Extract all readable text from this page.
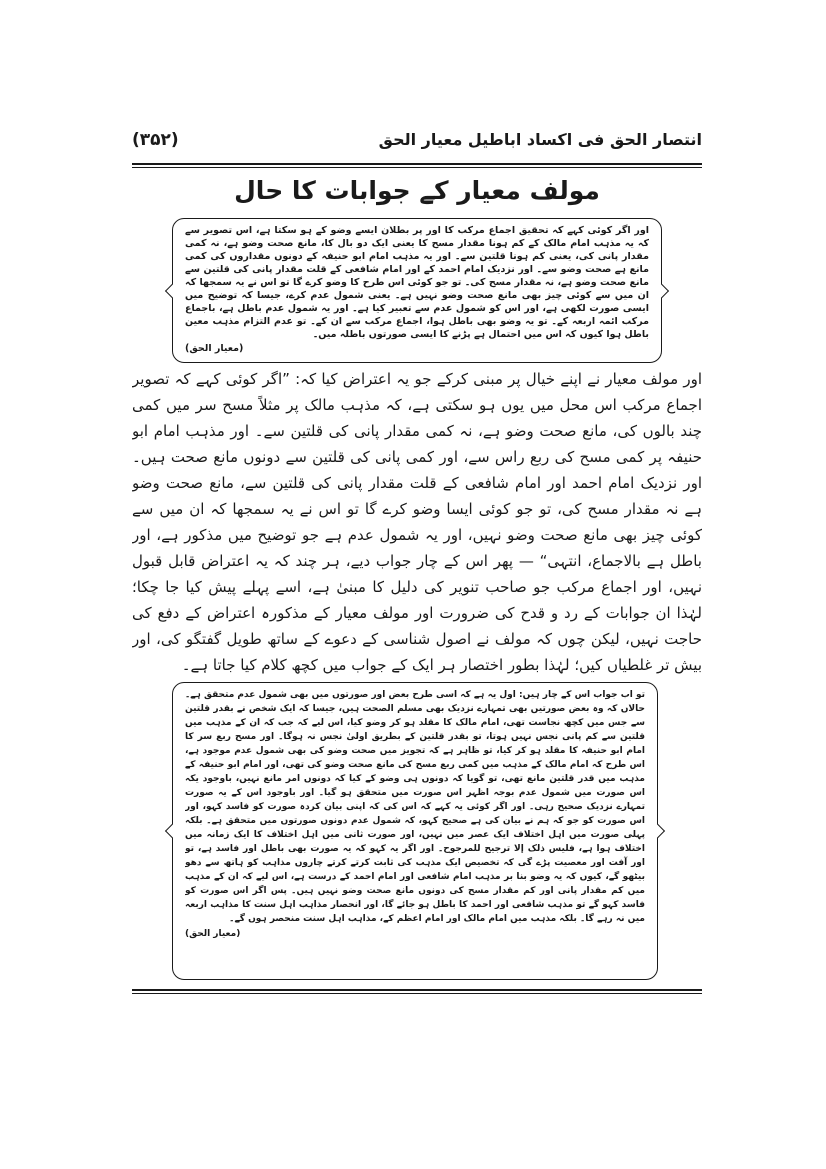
انتصار الحق فی اکساد اباطیل معیار الحق
(۳۵۲)
مولف معیار کے جوابات کا حال
اور اگر کوئی کہے کہ تحقیق اجماع مرکب کا اور پر بطلان ایسے وضو کے ہو سکتا ہے، اس تصویر سے کہ یہ مذہب امام مالک کے کم ہونا مقدار مسح کا یعنی ایک دو بال کا، مانع صحت وضو ہے، نہ کمی مقدار پانی کی، یعنی کم ہونا قلتین سے۔ اور یہ مذہب امام ابو حنیفہ کے دونوں مقداروں کی کمی مانع ہے صحت وضو سے۔ اور نزدیک امام احمد کے اور امام شافعی کے قلت مقدار پانی کی قلتین سے مانع صحت وضو ہے، نہ مقدار مسح کی۔ تو جو کوئی اس طرح کا وضو کرے گا تو اس نے یہ سمجھا کہ ان میں سے کوئی چیز بھی مانع صحت وضو نہیں ہے۔ یعنی شمول عدم کرے، جیسا کہ توضیح میں ایسی صورت لکھی ہے، اور اس کو شمول عدم سے تعبیر کیا ہے۔ اور یہ شمول عدم باطل ہے، باجماع مرکب ائمہ اربعہ کے۔ تو یہ وضو بھی باطل ہوا، اجماع مرکب سے ان کے۔ تو عدم التزام مذہب معین باطل ہوا کیوں کہ اس میں احتمال ہے پڑنے کا ایسی صورتوں باطلہ میں۔
(معیار الحق)
اور مولف معیار نے اپنے خیال پر مبنی کرکے جو یہ اعتراض کیا کہ: ”اگر کوئی کہے کہ تصویر اجماع مرکب اس محل میں یوں ہو سکتی ہے، کہ مذہب مالک پر مثلاً مسح سر میں کمی چند بالوں کی، مانع صحت وضو ہے، نہ کمی مقدار پانی کی قلتین سے۔ اور مذہب امام ابو حنیفہ پر کمی مسح کی ربع راس سے، اور کمی پانی کی قلتین سے دونوں مانع صحت ہیں۔ اور نزدیک امام احمد اور امام شافعی کے قلت مقدار پانی کی قلتین سے، مانع صحت وضو ہے نہ مقدار مسح کی، تو جو کوئی ایسا وضو کرے گا تو اس نے یہ سمجھا کہ ان میں سے کوئی چیز بھی مانع صحت وضو نہیں، اور یہ شمول عدم ہے جو توضیح میں مذکور ہے، اور باطل ہے بالاجماع، انتہی“ — پھر اس کے چار جواب دیے، ہر چند کہ یہ اعتراض قابل قبول نہیں، اور اجماع مرکب جو صاحب تنویر کی دلیل کا مبنیٰ ہے، اسے پہلے پیش کیا جا چکا؛ لہٰذا ان جوابات کے رد و قدح کی ضرورت اور مولف معیار کے مذکورہ اعتراض کے دفع کی حاجت نہیں، لیکن چوں کہ مولف نے اصول شناسی کے دعوے کے ساتھ طویل گفتگو کی، اور بیش تر غلطیاں کیں؛ لہٰذا بطور اختصار ہر ایک کے جواب میں کچھ کلام کیا جاتا ہے۔
تو اب جواب اس کے چار ہیں: اول یہ ہے کہ اسی طرح بعض اور صورتوں میں بھی شمول عدم متحقق ہے۔ حالاں کہ وہ بعض صورتیں بھی تمہارے نزدیک بھی مسلم الصحت ہیں، جیسا کہ ایک شخص نے بقدر قلتین سے جس میں کچھ نجاست تھی، امام مالک کا مقلد ہو کر وضو کیا، اس لیے کہ جب کہ ان کے مذہب میں قلتین سے کم پانی نجس نہیں ہوتا، تو بقدر قلتین کے بطریق اولیٰ نجس نہ ہوگا۔ اور مسح ربع سر کا امام ابو حنیفہ کا مقلد ہو کر کیا، تو ظاہر ہے کہ تجویز میں صحت وضو کی بھی شمول عدم موجود ہے، اس طرح کہ امام مالک کے مذہب میں کمی ربع مسح کی مانع صحت وضو کی تھی، اور امام ابو حنیفہ کے مذہب میں قدر قلتین مانع تھی، تو گویا کہ دونوں ہی وضو کے کیا کہ دونوں امر مانع نہیں، باوجود یکہ اس صورت میں شمول عدم بوجہ اظہر اس صورت میں متحقق ہو گیا۔ اور باوجود اس کے یہ صورت تمہارے نزدیک صحیح رہی۔ اور اگر کوئی یہ کہے کہ اس کی کہ اپنی بیان کردہ صورت کو فاسد کہو، اور اس صورت کو جو کہ ہم نے بیان کی ہے صحیح کہو، کہ شمول عدم دونوں صورتوں میں متحقق ہے۔ بلکہ پہلی صورت میں اہل اختلاف ایک عصر میں نہیں، اور صورت ثانی میں اہل اختلاف کا ایک زمانہ میں اختلاف ہوا ہے، فلیس ذلک إلا ترجیح للمرجوح۔ اور اگر یہ کہو کہ یہ صورت بھی باطل اور فاسد ہے، تو اور آفت اور معصیت پڑے گی کہ تخصیص ایک مذہب کی ثابت کرتے کرتے چاروں مذاہب کو ہاتھ سے دھو بیٹھو گے، کیوں کہ یہ وضو بنا بر مذہب امام شافعی اور امام احمد کے درست ہے، اس لیے کہ ان کے مذہب میں کم مقدار پانی اور کم مقدار مسح کی دونوں مانع صحت وضو نہیں ہیں۔ پس اگر اس صورت کو فاسد کہو گے تو مذہب شافعی اور احمد کا باطل ہو جائے گا، اور انحصار مذاہب اہل سنت کا مذاہب اربعہ میں نہ رہے گا۔ بلکہ مذہب میں امام مالک اور امام اعظم کے، مذاہب اہل سنت منحصر ہوں گے۔
(معیار الحق)
